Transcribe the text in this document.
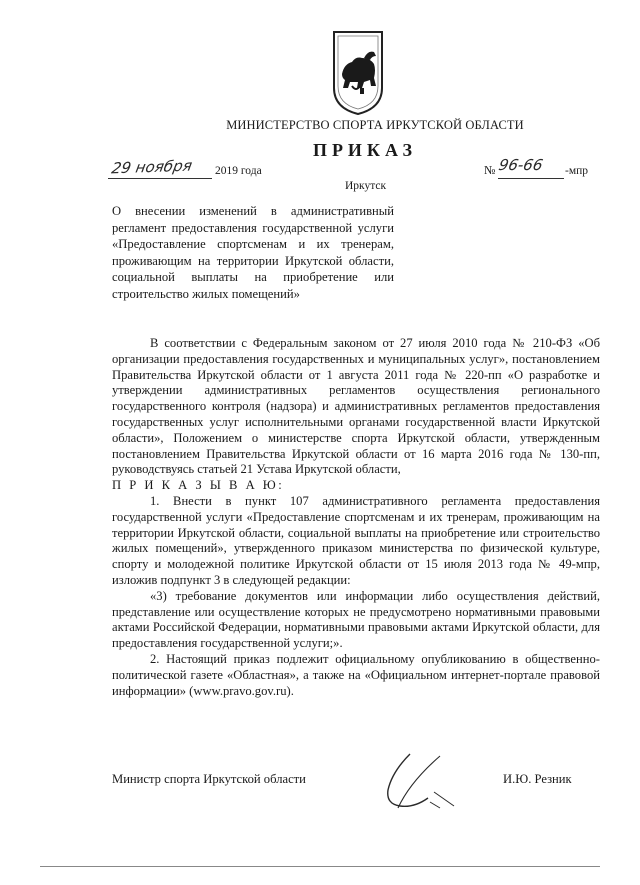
МИНИСТЕРСТВО СПОРТА ИРКУТСКОЙ ОБЛАСТИ
ПРИКАЗ
29 ноября 2019 года	№ 96-66 -мпр
Иркутск
О внесении изменений в административный регламент предоставления государственной услуги «Предоставление спортсменам и их тренерам, проживающим на территории Иркутской области, социальной выплаты на приобретение или строительство жилых помещений»

В соответствии с Федеральным законом от 27 июля 2010 года № 210-ФЗ «Об организации предоставления государственных и муниципальных услуг», постановлением Правительства Иркутской области от 1 августа 2011 года № 220-пп «О разработке и утверждении административных регламентов осуществления регионального государственного контроля (надзора) и административных регламентов предоставления государственных услуг исполнительными органами государственной власти Иркутской области», Положением о министерстве спорта Иркутской области, утвержденным постановлением Правительства Иркутской области от 16 марта 2016 года № 130-пп, руководствуясь статьей 21 Устава Иркутской области,

П Р И К А З Ы В А Ю:

1. Внести в пункт 107 административного регламента предоставления государственной услуги «Предоставление спортсменам и их тренерам, проживающим на территории Иркутской области, социальной выплаты на приобретение или строительство жилых помещений», утвержденного приказом министерства по физической культуре, спорту и молодежной политике Иркутской области от 15 июля 2013 года № 49-мпр, изложив подпункт 3 в следующей редакции:

«3) требование документов или информации либо осуществления действий, представление или осуществление которых не предусмотрено нормативными правовыми актами Российской Федерации, нормативными правовыми актами Иркутской области, для предоставления государственной услуги;».

2. Настоящий приказ подлежит официальному опубликованию в общественно-политической газете «Областная», а также на «Официальном интернет-портале правовой информации» (www.pravo.gov.ru).

Министр спорта Иркутской области	И.Ю. Резник
